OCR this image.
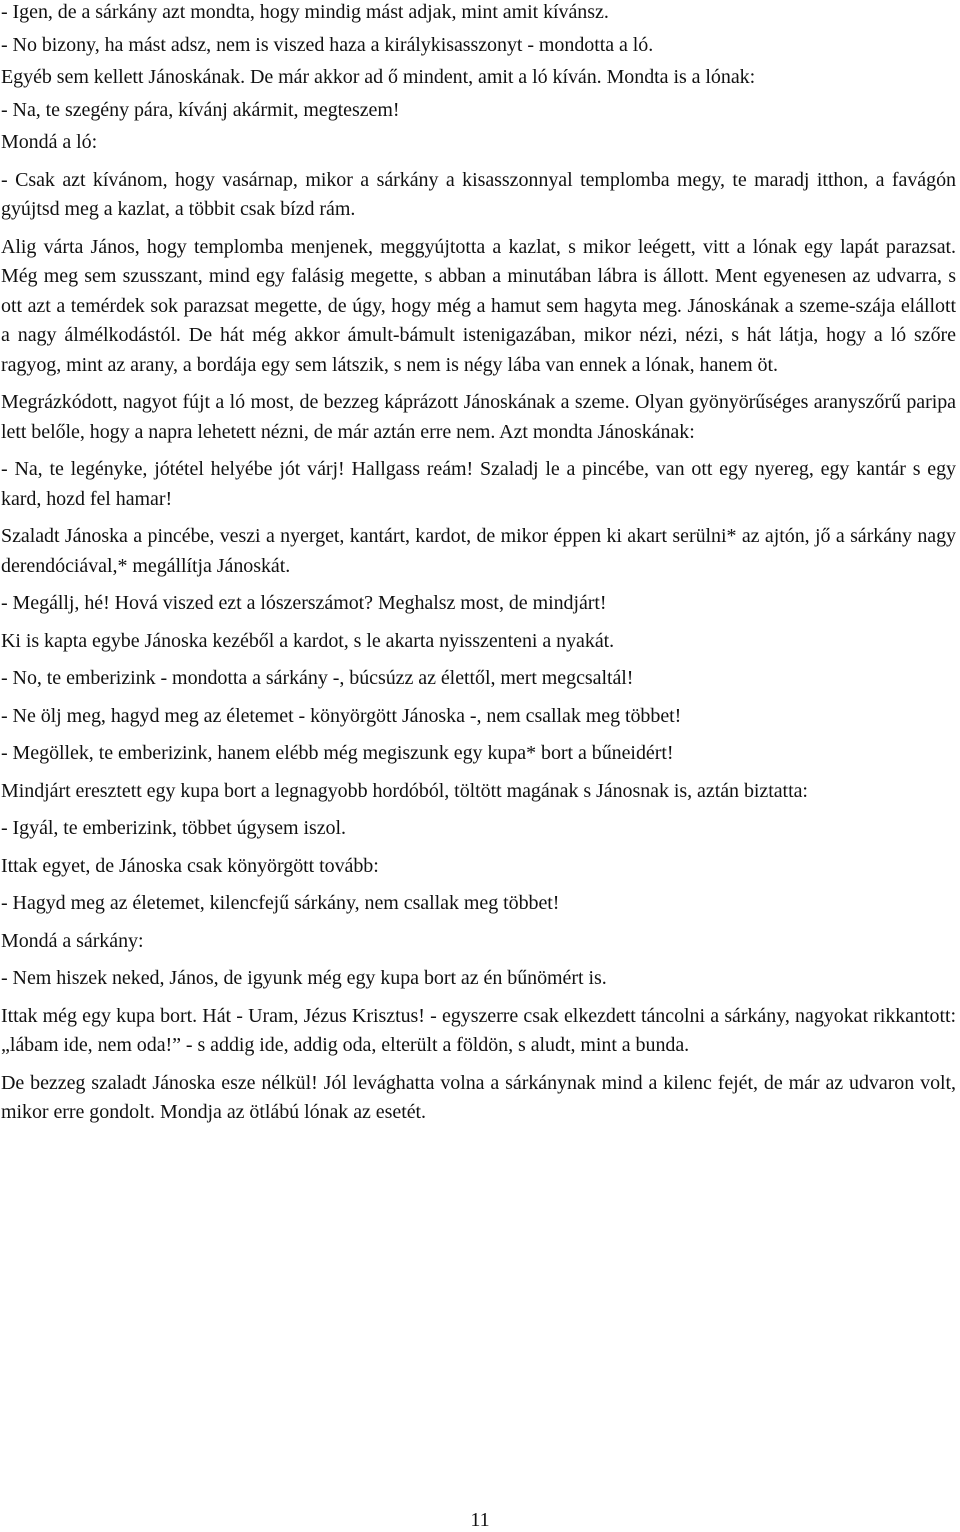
- Igen, de a sárkány azt mondta, hogy mindig mást adjak, mint amit kívánsz.

- No bizony, ha mást adsz, nem is viszed haza a királykisasszonyt - mondotta a ló.

Egyéb sem kellett Jánoskának. De már akkor ad ő mindent, amit a ló kíván. Mondta is a lónak:

- Na, te szegény pára, kívánj akármit, megteszem!

Mondá a ló:

- Csak azt kívánom, hogy vasárnap, mikor a sárkány a kisasszonnyal templomba megy, te maradj itthon, a favágón gyújtsd meg a kazlat, a többit csak bízd rám.

Alig várta János, hogy templomba menjenek, meggyújtotta a kazlat, s mikor leégett, vitt a lónak egy lapát parazsat. Még meg sem szusszant, mind egy falásig megette, s abban a minutában lábra is állott. Ment egyenesen az udvarra, s ott azt a temérdek sok parazsat megette, de úgy, hogy még a hamut sem hagyta meg. Jánoskának a szeme-szája elállott a nagy álmélkodástól. De hát még akkor ámult-bámult istenigazában, mikor nézi, nézi, s hát látja, hogy a ló szőre ragyog, mint az arany, a bordája egy sem látszik, s nem is négy lába van ennek a lónak, hanem öt.

Megrázkódott, nagyot fújt a ló most, de bezzeg káprázott Jánoskának a szeme. Olyan gyönyörűséges aranyszőrű paripa lett belőle, hogy a napra lehetett nézni, de már aztán erre nem. Azt mondta Jánoskának:

- Na, te legényke, jótétel helyébe jót várj! Hallgass reám! Szaladj le a pincébe, van ott egy nyereg, egy kantár s egy kard, hozd fel hamar!

Szaladt Jánoska a pincébe, veszi a nyerget, kantárt, kardot, de mikor éppen ki akart serülni* az ajtón, jő a sárkány nagy derendóciával,* megállítja Jánoskát.

- Megállj, hé! Hová viszed ezt a lószerszámot? Meghalsz most, de mindjárt!

Ki is kapta egybe Jánoska kezéből a kardot, s le akarta nyisszenteni a nyakát.

- No, te emberizink - mondotta a sárkány -, búcsúzz az élettől, mert megcsaltál!

- Ne ölj meg, hagyd meg az életemet - könyörgött Jánoska -, nem csallak meg többet!

- Megöllek, te emberizink, hanem elébb még megiszunk egy kupa* bort a bűneidért!

Mindjárt eresztett egy kupa bort a legnagyobb hordóból, töltött magának s Jánosnak is, aztán biztatta:

- Igyál, te emberizink, többet úgysem iszol.

Ittak egyet, de Jánoska csak könyörgött tovább:

- Hagyd meg az életemet, kilencfejű sárkány, nem csallak meg többet!

Mondá a sárkány:

- Nem hiszek neked, János, de igyunk még egy kupa bort az én bűnömért is.

Ittak még egy kupa bort. Hát - Uram, Jézus Krisztus! - egyszerre csak elkezdett táncolni a sárkány, nagyokat rikkantott: „lábam ide, nem oda!” - s addig ide, addig oda, elterült a földön, s aludt, mint a bunda.

De bezzeg szaladt Jánoska esze nélkül! Jól levághatta volna a sárkánynak mind a kilenc fejét, de már az udvaron volt, mikor erre gondolt. Mondja az ötlábú lónak az esetét.

11
